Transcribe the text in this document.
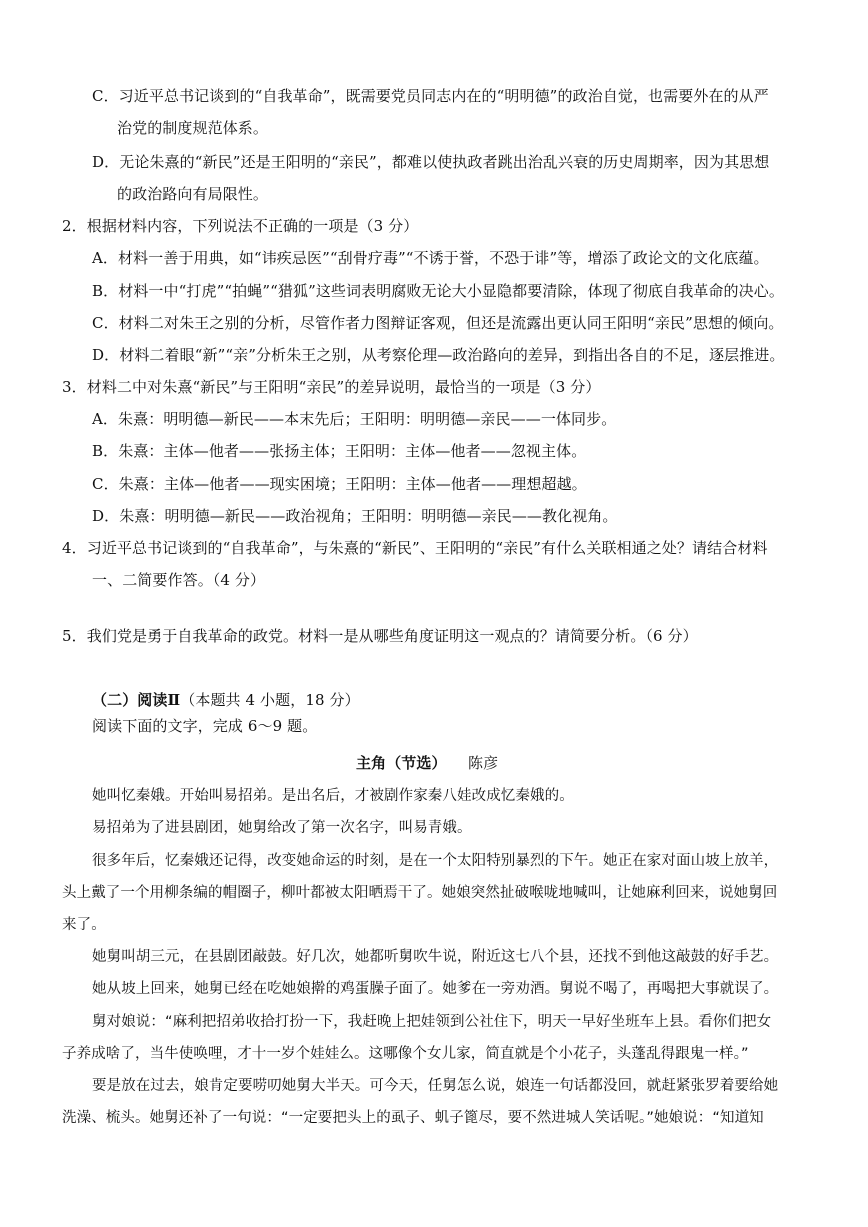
C．习近平总书记谈到的“自我革命”，既需要党员同志内在的“明明德”的政治自觉，也需要外在的从严
治党的制度规范体系。
D．无论朱熹的“新民”还是王阳明的“亲民”，都难以使执政者跳出治乱兴衰的历史周期率，因为其思想
的政治路向有局限性。
2．根据材料内容，下列说法不正确的一项是（3 分）
A．材料一善于用典，如“讳疾忌医”“刮骨疗毒”“不诱于誉，不恐于诽”等，增添了政论文的文化底蕴。
B．材料一中“打虎”“拍蝇”“猎狐”这些词表明腐败无论大小显隐都要清除，体现了彻底自我革命的决心。
C．材料二对朱王之别的分析，尽管作者力图辩证客观，但还是流露出更认同王阳明“亲民”思想的倾向。
D．材料二着眼“新”“亲”分析朱王之别，从考察伦理—政治路向的差异，到指出各自的不足，逐层推进。
3．材料二中对朱熹“新民”与王阳明“亲民”的差异说明，最恰当的一项是（3 分）
A．朱熹：明明德—新民——本末先后；王阳明：明明德—亲民——一体同步。
B．朱熹：主体—他者——张扬主体；王阳明：主体—他者——忽视主体。
C．朱熹：主体—他者——现实困境；王阳明：主体—他者——理想超越。
D．朱熹：明明德—新民——政治视角；王阳明：明明德—亲民——教化视角。
4．习近平总书记谈到的“自我革命”，与朱熹的“新民”、王阳明的“亲民”有什么关联相通之处？请结合材料
一、二简要作答。（4 分）
5．我们党是勇于自我革命的政党。材料一是从哪些角度证明这一观点的？请简要分析。（6 分）
（二）阅读Ⅱ（本题共 4 小题，18 分）
阅读下面的文字，完成 6～9 题。
主角（节选） 陈彦
她叫忆秦娥。开始叫易招弟。是出名后，才被剧作家秦八娃改成忆秦娥的。
易招弟为了进县剧团，她舅给改了第一次名字，叫易青娥。
很多年后，忆秦娥还记得，改变她命运的时刻，是在一个太阳特别暴烈的下午。她正在家对面山坡上放羊，
头上戴了一个用柳条编的帽圈子，柳叶都被太阳晒焉干了。她娘突然扯破喉咙地喊叫，让她麻利回来，说她舅回
来了。
她舅叫胡三元，在县剧团敲鼓。好几次，她都听舅吹牛说，附近这七八个县，还找不到他这敲鼓的好手艺。
她从坡上回来，她舅已经在吃她娘擀的鸡蛋臊子面了。她爹在一旁劝酒。舅说不喝了，再喝把大事就误了。
舅对娘说：“麻利把招弟收拾打扮一下，我赶晚上把娃领到公社住下，明天一早好坐班车上县。看你们把女
子养成啥了，当牛使唤哩，才十一岁个娃娃么。这哪像个女儿家，简直就是个小花子，头蓬乱得跟鬼一样。”
要是放在过去，娘肯定要唠叨她舅大半天。可今天，任舅怎么说，娘连一句话都没回，就赶紧张罗着要给她
洗澡、梳头。她舅还补了一句说：“一定要把头上的虱子、虮子篦尽，要不然进城人笑话呢。”她娘说：“知道知
